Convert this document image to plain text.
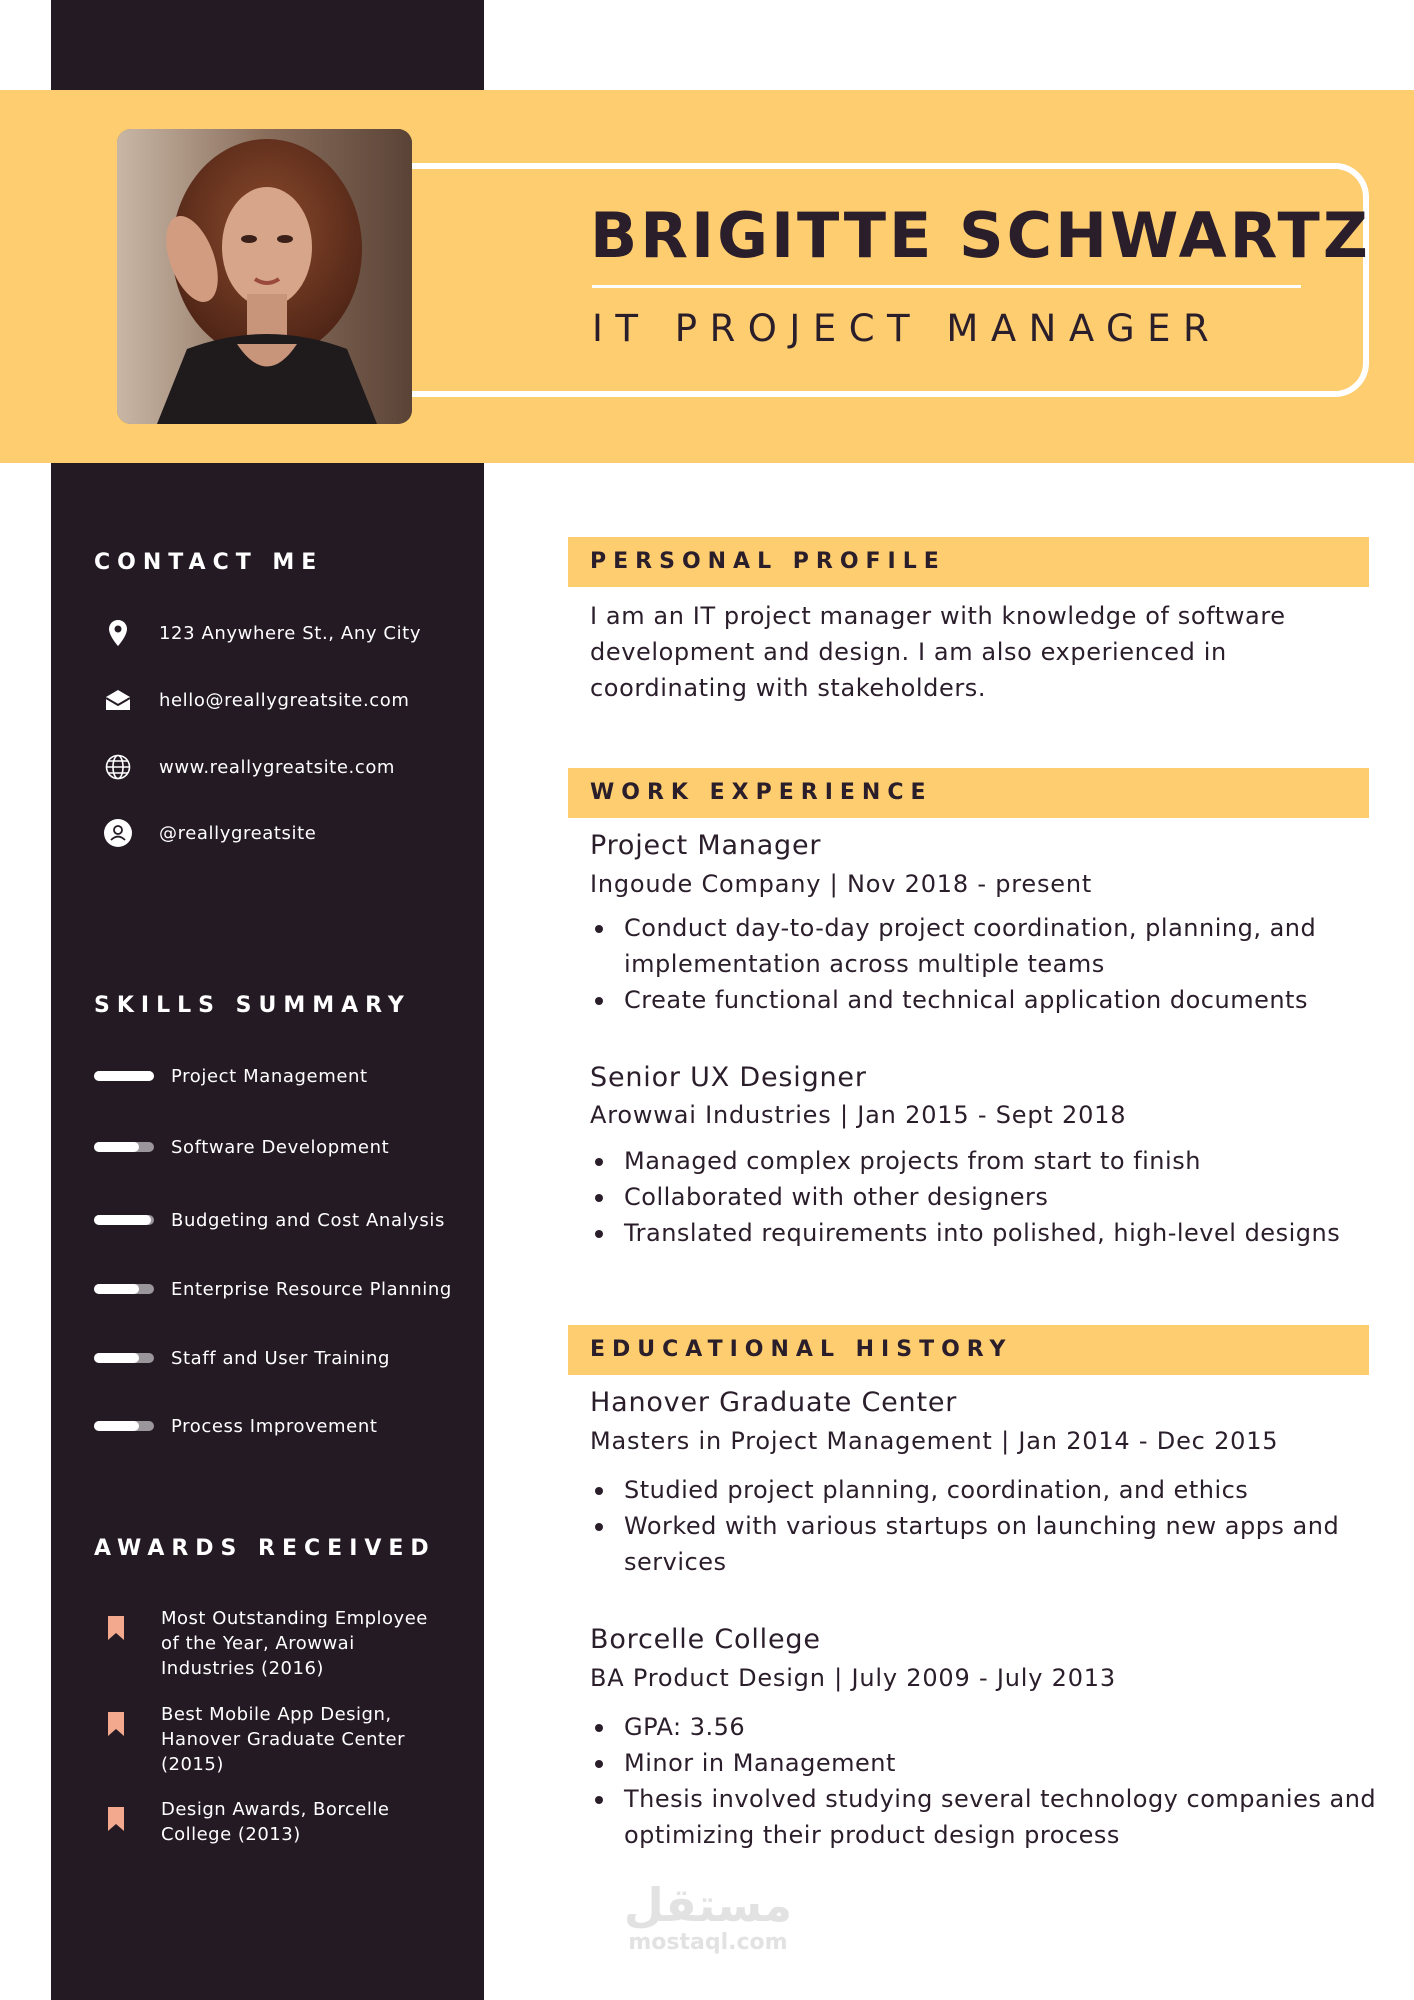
BRIGITTE SCHWARTZ
IT PROJECT MANAGER
CONTACT ME
123 Anywhere St., Any City
hello@reallygreatsite.com
www.reallygreatsite.com
@reallygreatsite
SKILLS SUMMARY
Project Management
Software Development
Budgeting and Cost Analysis
Enterprise Resource Planning
Staff and User Training
Process Improvement
AWARDS RECEIVED
Most Outstanding Employee of the Year, Arowwai Industries (2016)
Best Mobile App Design, Hanover Graduate Center (2015)
Design Awards, Borcelle College (2013)
PERSONAL PROFILE
I am an IT project manager with knowledge of software development and design. I am also experienced in coordinating with stakeholders.
WORK EXPERIENCE
Project Manager
Ingoude Company | Nov 2018 - present
Conduct day-to-day project coordination, planning, and implementation across multiple teams
Create functional and technical application documents
Senior UX Designer
Arowwai Industries | Jan 2015 - Sept 2018
Managed complex projects from start to finish
Collaborated with other designers
Translated requirements into polished, high-level designs
EDUCATIONAL HISTORY
Hanover Graduate Center
Masters in Project Management | Jan 2014 - Dec 2015
Studied project planning, coordination, and ethics
Worked with various startups on launching new apps and services
Borcelle College
BA Product Design | July 2009 - July 2013
GPA: 3.56
Minor in Management
Thesis involved studying several technology companies and optimizing their product design process
مستقل
mostaql.com
